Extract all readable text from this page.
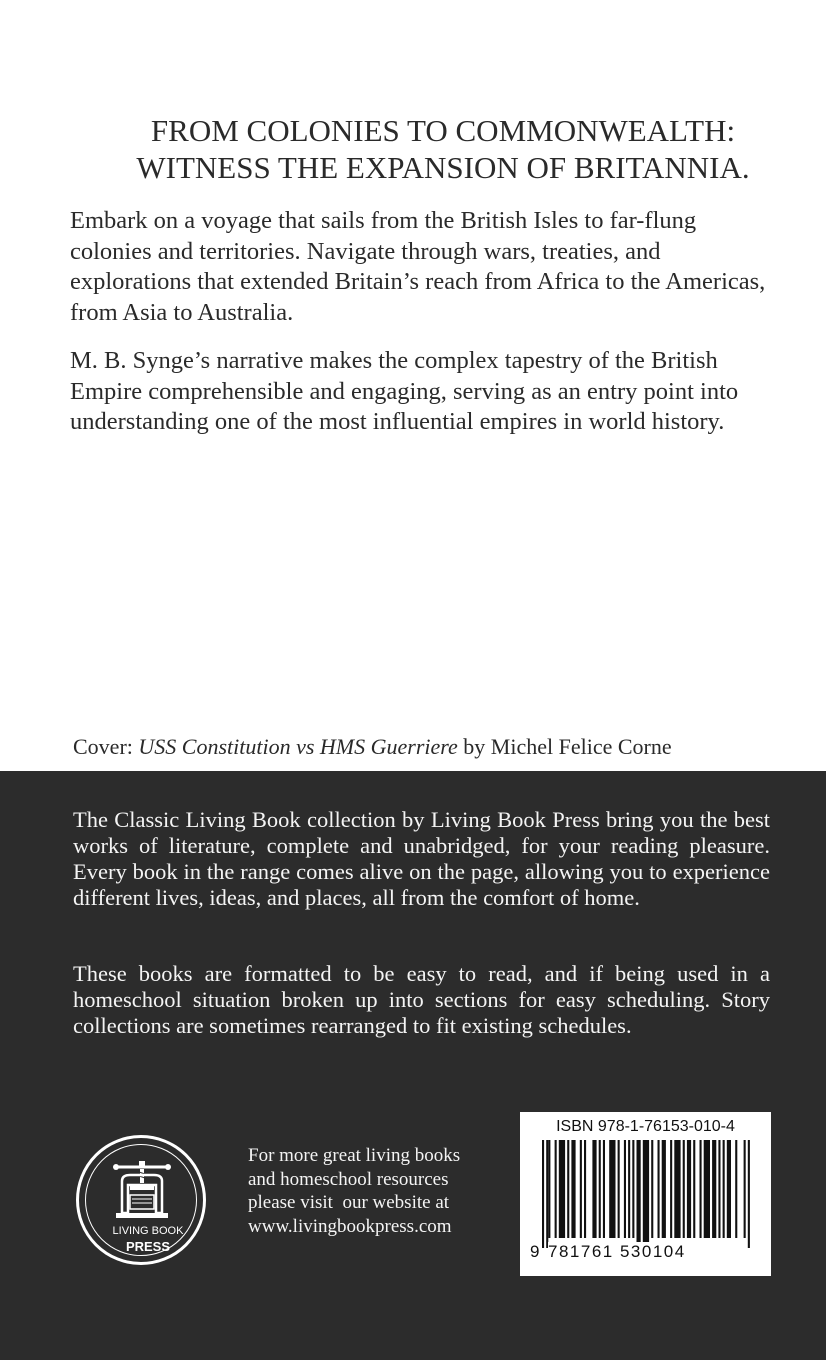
FROM COLONIES TO COMMONWEALTH:
WITNESS THE EXPANSION OF BRITANNIA.

Embark on a voyage that sails from the British Isles to far-flung colonies and territories. Navigate through wars, treaties, and explorations that extended Britain’s reach from Africa to the Americas, from Asia to Australia.

M. B. Synge’s narrative makes the complex tapestry of the British Empire comprehensible and engaging, serving as an entry point into understanding one of the most influential empires in world history.

Cover: USS Constitution vs HMS Guerriere by Michel Felice Corne

The Classic Living Book collection by Living Book Press bring you the best works of literature, complete and unabridged, for your reading pleasure. Every book in the range comes alive on the page, allowing you to experience different lives, ideas, and places, all from the comfort of home.

These books are formatted to be easy to read, and if being used in a homeschool situation broken up into sections for easy scheduling. Story collections are sometimes rearranged to fit existing schedules.

LIVING BOOK
PRESS

For more great living books
and homeschool resources
please visit  our website at
www.livingbookpress.com

ISBN 978-1-76153-010-4
9 781761 530104
